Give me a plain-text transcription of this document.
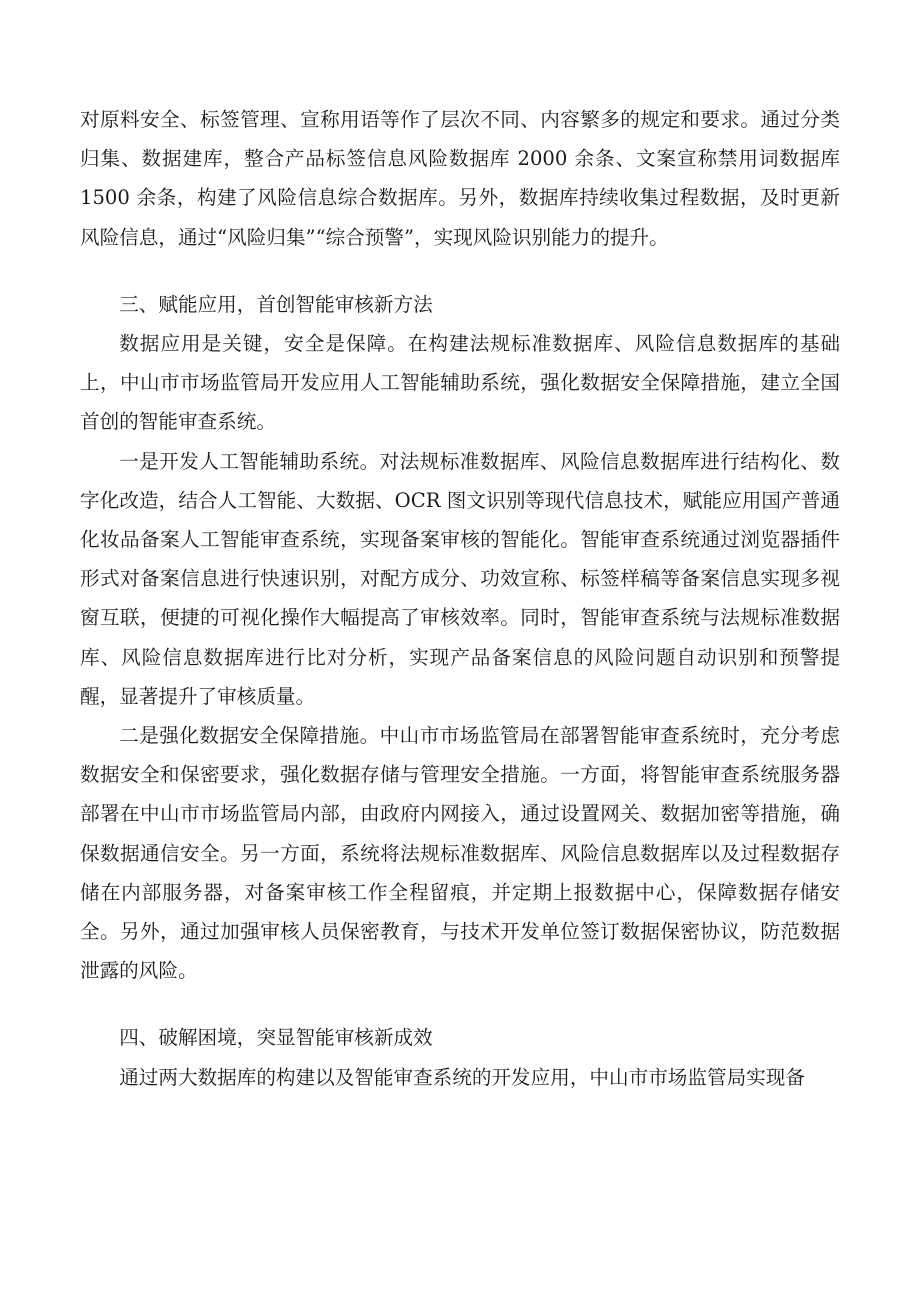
对原料安全、标签管理、宣称用语等作了层次不同、内容繁多的规定和要求。通过分类归集、数据建库，整合产品标签信息风险数据库 2000 余条、文案宣称禁用词数据库 1500 余条，构建了风险信息综合数据库。另外，数据库持续收集过程数据，及时更新风险信息，通过“风险归集”“综合预警”，实现风险识别能力的提升。

三、赋能应用，首创智能审核新方法

数据应用是关键，安全是保障。在构建法规标准数据库、风险信息数据库的基础上，中山市市场监管局开发应用人工智能辅助系统，强化数据安全保障措施，建立全国首创的智能审查系统。

一是开发人工智能辅助系统。对法规标准数据库、风险信息数据库进行结构化、数字化改造，结合人工智能、大数据、OCR 图文识别等现代信息技术，赋能应用国产普通化妆品备案人工智能审查系统，实现备案审核的智能化。智能审查系统通过浏览器插件形式对备案信息进行快速识别，对配方成分、功效宣称、标签样稿等备案信息实现多视窗互联，便捷的可视化操作大幅提高了审核效率。同时，智能审查系统与法规标准数据库、风险信息数据库进行比对分析，实现产品备案信息的风险问题自动识别和预警提醒，显著提升了审核质量。

二是强化数据安全保障措施。中山市市场监管局在部署智能审查系统时，充分考虑数据安全和保密要求，强化数据存储与管理安全措施。一方面，将智能审查系统服务器部署在中山市市场监管局内部，由政府内网接入，通过设置网关、数据加密等措施，确保数据通信安全。另一方面，系统将法规标准数据库、风险信息数据库以及过程数据存储在内部服务器，对备案审核工作全程留痕，并定期上报数据中心，保障数据存储安全。另外，通过加强审核人员保密教育，与技术开发单位签订数据保密协议，防范数据泄露的风险。

四、破解困境，突显智能审核新成效

通过两大数据库的构建以及智能审查系统的开发应用，中山市市场监管局实现备
